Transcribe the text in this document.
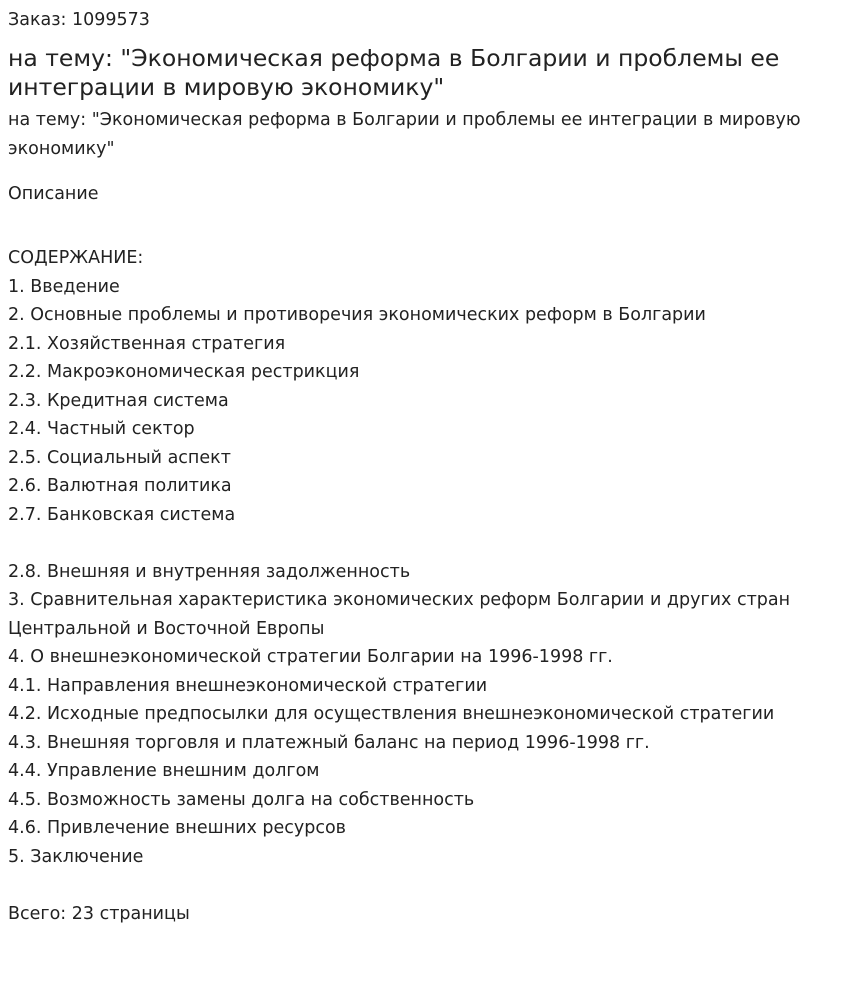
Заказ: 1099573

на тему: "Экономическая реформа в Болгарии и проблемы ее интеграции в мировую экономику"

на тему: "Экономическая реформа в Болгарии и проблемы ее интеграции в мировую экономику"

Описание

СОДЕРЖАНИЕ:
1. Введение
2. Основные проблемы и противоречия экономических реформ в Болгарии
2.1. Хозяйственная стратегия
2.2. Макроэкономическая рестрикция
2.3. Кредитная система
2.4. Частный сектор
2.5. Социальный аспект
2.6. Валютная политика
2.7. Банковская система
2.8. Внешняя и внутренняя задолженность
3. Сравнительная характеристика экономических реформ Болгарии и других стран Центральной и Восточной Европы
4. О внешнеэкономической стратегии Болгарии на 1996-1998 гг.
4.1. Направления внешнеэкономической стратегии
4.2. Исходные предпосылки для осуществления внешнеэкономической стратегии
4.3. Внешняя торговля и платежный баланс на период 1996-1998 гг.
4.4. Управление внешним долгом
4.5. Возможность замены долга на собственность
4.6. Привлечение внешних ресурсов
5. Заключение

Всего: 23 страницы
